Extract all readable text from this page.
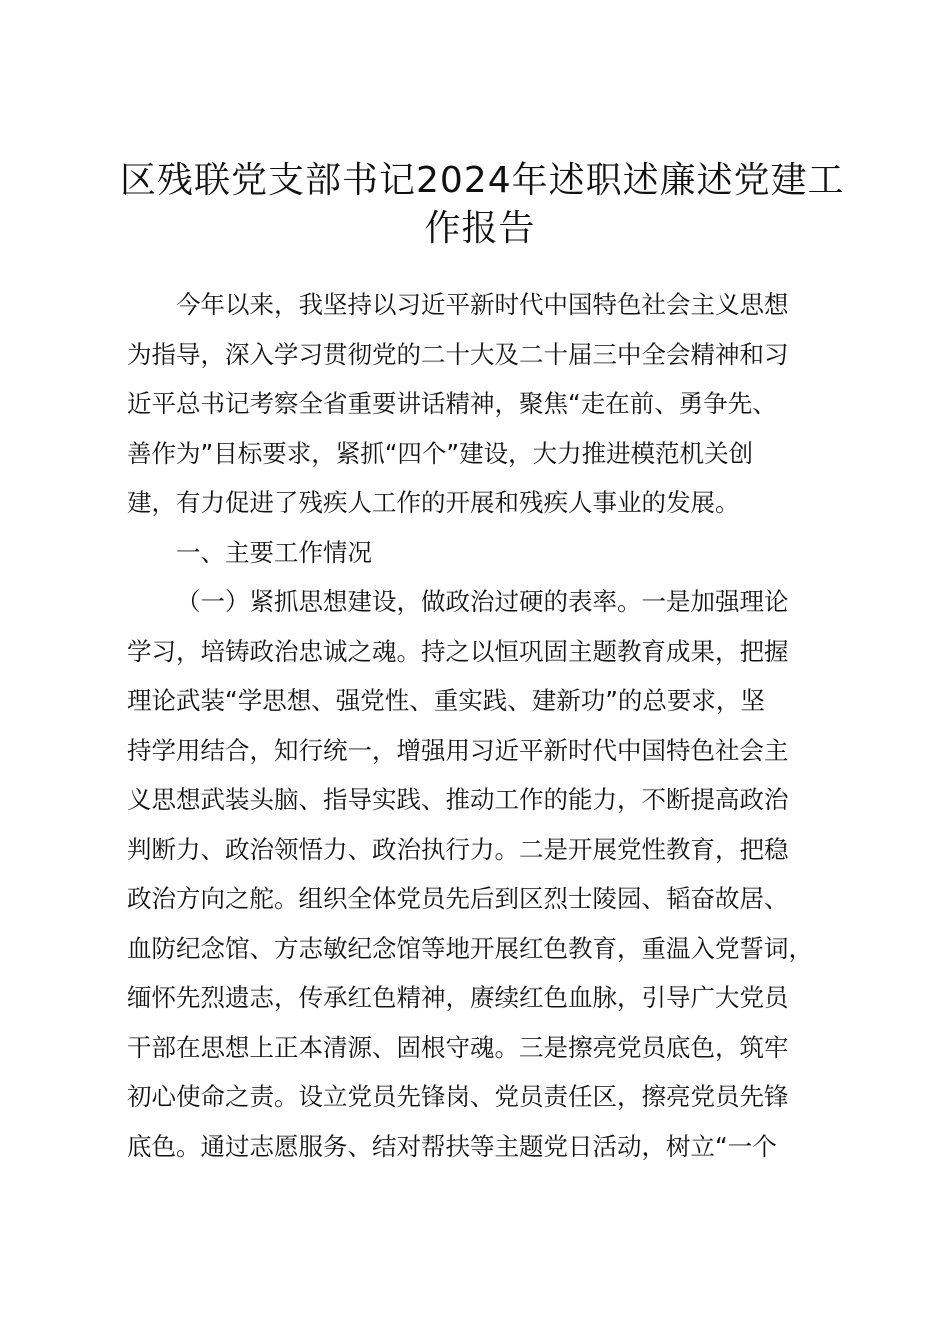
区残联党支部书记2024年述职述廉述党建工
作报告
今年以来，我坚持以习近平新时代中国特色社会主义思想
为指导，深入学习贯彻党的二十大及二十届三中全会精神和习
近平总书记考察全省重要讲话精神，聚焦“走在前、勇争先、
善作为”目标要求，紧抓“四个”建设，大力推进模范机关创
建，有力促进了残疾人工作的开展和残疾人事业的发展。
一、主要工作情况
（一）紧抓思想建设，做政治过硬的表率。一是加强理论
学习，培铸政治忠诚之魂。持之以恒巩固主题教育成果，把握
理论武装“学思想、强党性、重实践、建新功”的总要求，坚
持学用结合，知行统一，增强用习近平新时代中国特色社会主
义思想武装头脑、指导实践、推动工作的能力，不断提高政治
判断力、政治领悟力、政治执行力。二是开展党性教育，把稳
政治方向之舵。组织全体党员先后到区烈士陵园、韬奋故居、
血防纪念馆、方志敏纪念馆等地开展红色教育，重温入党誓词，
缅怀先烈遗志，传承红色精神，赓续红色血脉，引导广大党员
干部在思想上正本清源、固根守魂。三是擦亮党员底色，筑牢
初心使命之责。设立党员先锋岗、党员责任区，擦亮党员先锋
底色。通过志愿服务、结对帮扶等主题党日活动，树立“一个
